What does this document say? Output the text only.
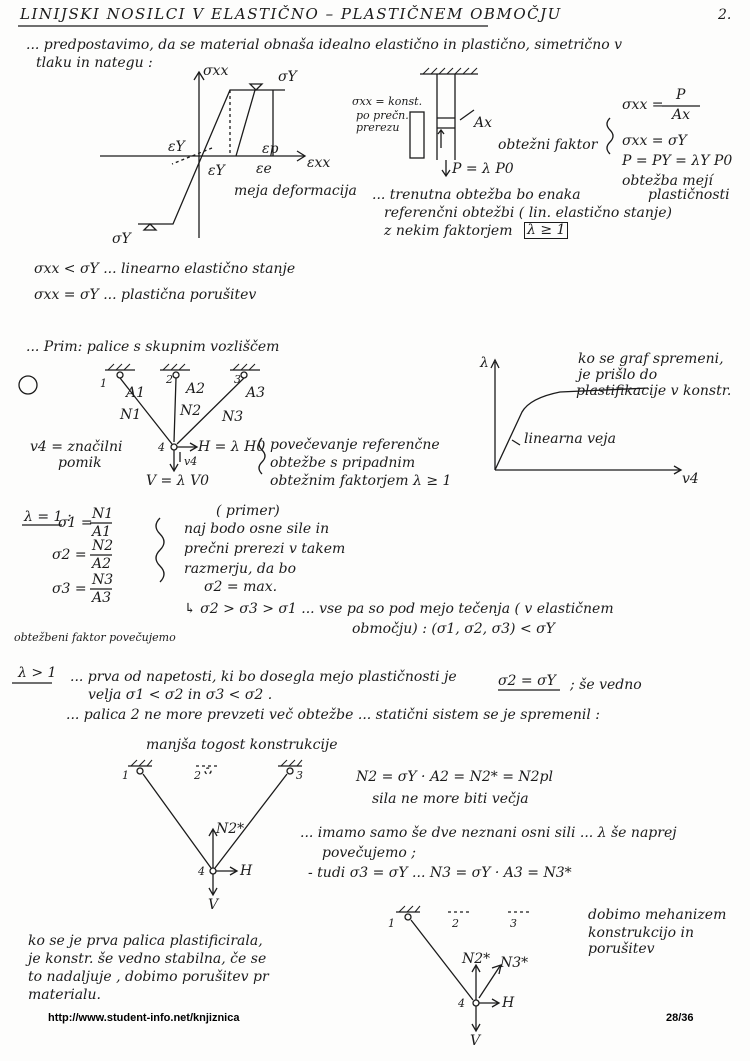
LINIJSKI NOSILCI V ELASTIČNO – PLASTIČNEM OBMOČJU	2.
... predpostavimo, da se material obnaša idealno elastično in plastično, simetrično v
tlaku in nategu :	σxx
εxx
σY
σY
εY
εY εe
εp
meja deformacija
σxx = konst.
po prečn.
prerezu	Ax
P = λ P0
obtežni faktor
σxx =
P
Ax
σxx = σY
P = PY = λY P0
obtežba mejí
plastičnosti
... trenutna obtežba bo enaka
referenčni obtežbi ( lin. elastično stanje)
z nekim faktorjem λ ≥ 1
σxx < σY ... linearno elastično stanje
σxx = σY ... plastična porušitev
... Prim: palice s skupnim vozliščem
1	2	3
4
A1	A2	A3
N1	N2 N3
H = λ H0
V = λ V0
v4
v4 = značilni
pomik
povečevanje referenčne
obtežbe s pripadnim
obtežnim faktorjem λ ≥ 1
λ
v4
linearna veja
ko se graf spremeni,
je prišlo do
plastifikacije v konstr.
λ = 1 :
σ1 =
N1
A1
σ2 =
N2
A2
σ3 =
N3
A3
( primer)
naj bodo osne sile in
prečni prerezi v takem
razmerju, da bo
σ2 = max.
↳ σ2 > σ3 > σ1 ... vse pa so pod mejo tečenja ( v elastičnem
območju) : (σ1, σ2, σ3) < σY
obtežbeni faktor povečujemo
λ > 1 ... prva od napetosti, ki bo dosegla mejo plastičnosti je	σ2 = σY ; še vedno
velja σ1 < σ2 in σ3 < σ2 .
... palica 2 ne more prevzeti več obtežbe ... statični sistem se je spremenil :
manjša togost konstrukcije
1	2	3
4
N2*
H
V
N2 = σY · A2 = N2* = N2pl
sila ne more biti večja
... imamo samo še dve neznani osni sili ... λ še naprej
povečujemo ;
- tudi σ3 = σY ... N3 = σY · A3 = N3*
1	2	3
4
N2* N3*
H
V
dobimo mehanizem
konstrukcijo in
porušitev
ko se je prva palica plastificirala,
je konstr. še vedno stabilna, če se
to nadaljuje , dobimo porušitev pr
materialu.
http://www.student-info.net/knjiznica	28/36
